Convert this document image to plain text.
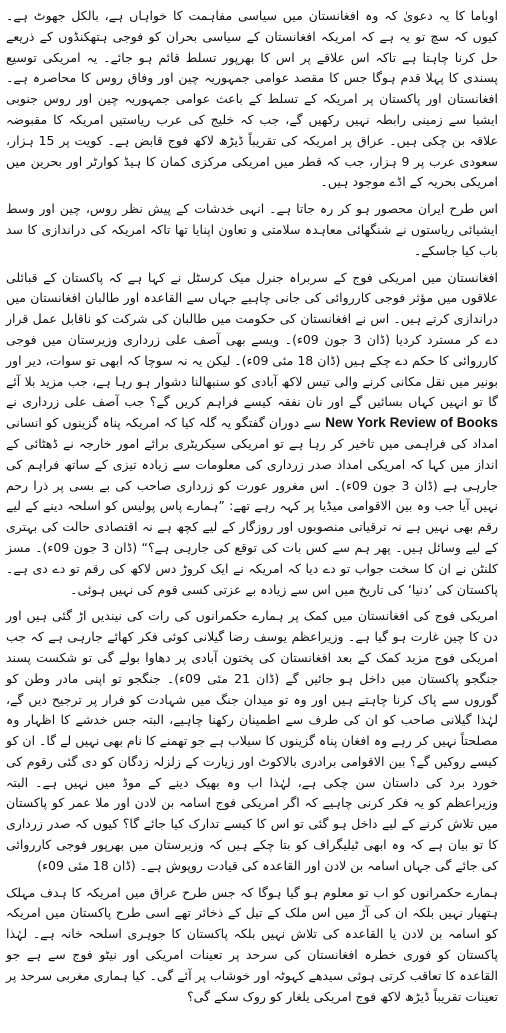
اوباما کا یہ دعویٰ کہ وہ افغانستان میں سیاسی مفاہمت کا خواہاں ہے، بالکل جھوٹ ہے۔ کیوں کہ سچ تو یہ ہے کہ امریکہ افغانستان کے سیاسی بحران کو فوجی ہتھکنڈوں کے ذریعے حل کرنا چاہتا ہے تاکہ اس علاقے پر اس کا بھرپور تسلط قائم ہو جائے۔ یہ امریکی توسیع پسندی کا پہلا قدم ہوگا جس کا مقصد عوامی جمہوریہ چین اور وفاق روس کا محاصرہ ہے۔ افغانستان اور پاکستان پر امریکہ کے تسلط کے باعث عوامی جمہوریہ چین اور روس جنوبی ایشیا سے زمینی رابطہ نہیں رکھیں گے، جب کہ خلیج کی عرب ریاستیں امریکہ کا مقبوضہ علاقہ بن چکی ہیں۔ عراق پر امریکہ کی تقریباً ڈیڑھ لاکھ فوج قابض ہے۔ کویت پر 15 ہزار، سعودی عرب پر 9 ہزار، جب کہ قطر میں امریکی مرکزی کمان کا ہیڈ کوارٹر اور بحرین میں امریکی بحریہ کے اڈے موجود ہیں۔

اس طرح ایران محصور ہو کر رہ جاتا ہے۔ انہی خدشات کے پیش نظر روس، چین اور وسط ایشیائی ریاستوں نے شنگھائی معاہدہ سلامتی و تعاون اپنایا تھا تاکہ امریکہ کی دراندازی کا سد باب کیا جاسکے۔

افغانستان میں امریکی فوج کے سربراہ جنرل میک کرسٹل نے کہا ہے کہ پاکستان کے قبائلی علاقوں میں مؤثر فوجی کارروائی کی جانی چاہیے جہاں سے القاعدہ اور طالبان افغانستان میں دراندازی کرتے ہیں۔ اس نے افغانستان کی حکومت میں طالبان کی شرکت کو ناقابل عمل قرار دے کر مسترد کردیا (ڈان 3 جون 09ء)۔ ویسے بھی آصف علی زرداری وزیرستان میں فوجی کارروائی کا حکم دے چکے ہیں (ڈان 18 مئی 09ء)۔ لیکن یہ نہ سوچا کہ ابھی تو سوات، دیر اور بونیر میں نقل مکانی کرنے والی تیس لاکھ آبادی کو سنبھالنا دشوار ہو رہا ہے، جب مزید بلا آئے گا تو انہیں کہاں بسائیں گے اور نان نفقہ کیسے فراہم کریں گے؟ جب آصف علی زرداری نے New York Review of Books سے دوران گفتگو یہ گلہ کیا کہ امریکہ پناہ گزینوں کو انسانی امداد کی فراہمی میں تاخیر کر رہا ہے تو امریکی سیکریٹری برائے امور خارجہ نے ڈھٹائی کے انداز میں کہا کہ امریکی امداد صدر زرداری کی معلومات سے زیادہ تیزی کے ساتھ فراہم کی جارہی ہے (ڈان 3 جون 09ء)۔ اس مغرور عورت کو زرداری صاحب کی بے بسی پر ذرا رحم نہیں آیا جب وہ بین الاقوامی میڈیا پر کہہ رہے تھے: ”ہمارے پاس پولیس کو اسلحہ دینے کے لیے رقم بھی نہیں ہے نہ ترقیاتی منصوبوں اور روزگار کے لیے کچھ ہے نہ اقتصادی حالت کی بہتری کے لیے وسائل ہیں۔ پھر ہم سے کس بات کی توقع کی جارہی ہے؟“ (ڈان 3 جون 09ء)۔ مسز کلنٹن نے ان کا سخت جواب تو دے دیا کہ امریکہ نے ایک کروڑ دس لاکھ کی رقم تو دے دی ہے۔ پاکستان کی ’دنیا‘ کی تاریخ میں اس سے زیادہ بے عزتی کسی قوم کی نہیں ہوئی۔

امریکی فوج کی افغانستان میں کمک پر ہمارے حکمرانوں کی رات کی نیندیں اڑ گئی ہیں اور دن کا چین غارت ہو گیا ہے۔ وزیراعظم یوسف رضا گیلانی کوئی فکر کھائے جارہی ہے کہ جب امریکی فوج مزید کمک کے بعد افغانستان کی پختون آبادی پر دھاوا بولے گی تو شکست پسند جنگجو پاکستان میں داخل ہو جائیں گے (ڈان 21 مئی 09ء)۔ جنگجو تو اپنی مادر وطن کو گوروں سے پاک کرنا چاہتے ہیں اور وہ تو میدان جنگ میں شہادت کو فرار پر ترجیح دیں گے، لہٰذا گیلانی صاحب کو ان کی طرف سے اطمینان رکھنا چاہیے، البتہ جس خدشے کا اظہار وہ مصلحتاً نہیں کر رہے وہ افغان پناہ گزینوں کا سیلاب ہے جو تھمنے کا نام بھی نہیں لے گا۔ ان کو کیسے روکیں گے؟ بین الاقوامی برادری بالاکوٹ اور زیارت کے زلزلہ زدگان کو دی گئی رقوم کی خورد برد کی داستان سن چکی ہے، لہٰذا اب وہ بھیک دینے کے موڈ میں نہیں ہے۔ البتہ وزیراعظم کو یہ فکر کرنی چاہیے کہ اگر امریکی فوج اسامہ بن لادن اور ملا عمر کو پاکستان میں تلاش کرنے کے لیے داخل ہو گئی تو اس کا کیسے تدارک کیا جائے گا؟ کیوں کہ صدر زرداری کا تو بیان ہے کہ وہ ابھی ٹیلیگراف کو بتا چکے ہیں کہ وزیرستان میں بھرپور فوجی کارروائی کی جائے گی جہاں اسامہ بن لادن اور القاعدہ کی قیادت روپوش ہے۔ (ڈان 18 مئی 09ء)

ہمارے حکمرانوں کو اب تو معلوم ہو گیا ہوگا کہ جس طرح عراق میں امریکہ کا ہدف مہلک ہتھیار نہیں بلکہ ان کی آڑ میں اس ملک کے تیل کے ذخائر تھے اسی طرح پاکستان میں امریکہ کو اسامہ بن لادن یا القاعدہ کی تلاش نہیں بلکہ پاکستان کا جوہری اسلحہ خانہ ہے۔ لہٰذا پاکستان کو فوری خطرہ افغانستان کی سرحد پر تعینات امریکی اور نیٹو فوج سے ہے جو القاعدہ کا تعاقب کرتی ہوئی سیدھے کہوٹہ اور خوشاب پر آئے گی۔ کیا ہماری مغربی سرحد پر تعینات تقریباً ڈیڑھ لاکھ فوج امریکی یلغار کو روک سکے گی؟
